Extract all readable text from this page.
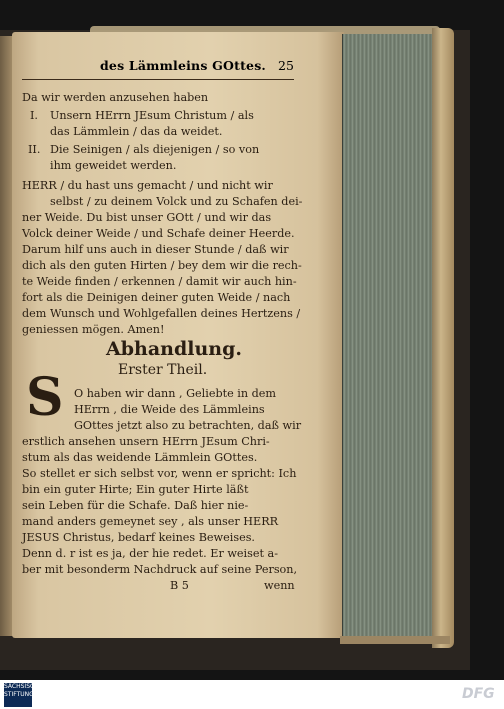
des Lämmleins GOttes. 25
Da wir werden anzusehen haben
I. Unsern HErrn JEsum Christum / als
das Lämmlein / das da weidet.
II. Die Seinigen / als diejenigen / so von
ihm geweidet werden.
HERR / du hast uns gemacht / und nicht wir
selbst / zu deinem Volck und zu Schafen dei-
ner Weide. Du bist unser GOtt / und wir das
Volck deiner Weide / und Schafe deiner Heerde.
Darum hilf uns auch in dieser Stunde / daß wir
dich als den guten Hirten / bey dem wir die rech-
te Weide finden / erkennen / damit wir auch hin-
fort als die Deinigen deiner guten Weide / nach
dem Wunsch und Wohlgefallen deines Hertzens /
geniessen mögen. Amen!
Abhandlung.
Erster Theil.
O haben wir dann , Geliebte in dem
HErrn , die Weide des Lämmleins
GOttes jetzt also zu betrachten, daß wir
erstlich ansehen unsern HErrn JEsum Chri-
stum als das weidende Lämmlein GOttes.
So stellet er sich selbst vor, wenn er spricht: Ich
bin ein guter Hirte; Ein guter Hirte läßt
sein Leben für die Schafe. Daß hier nie-
mand anders gemeynet sey , als unser HERR
JESUS Christus, bedarf keines Beweises.
Denn d. r ist es ja, der hie redet. Er weiset a-
ber mit besonderm Nachdruck auf seine Person,
B 5	wenn
S
SÄCHSISCHE STIFTUNG	DFG
